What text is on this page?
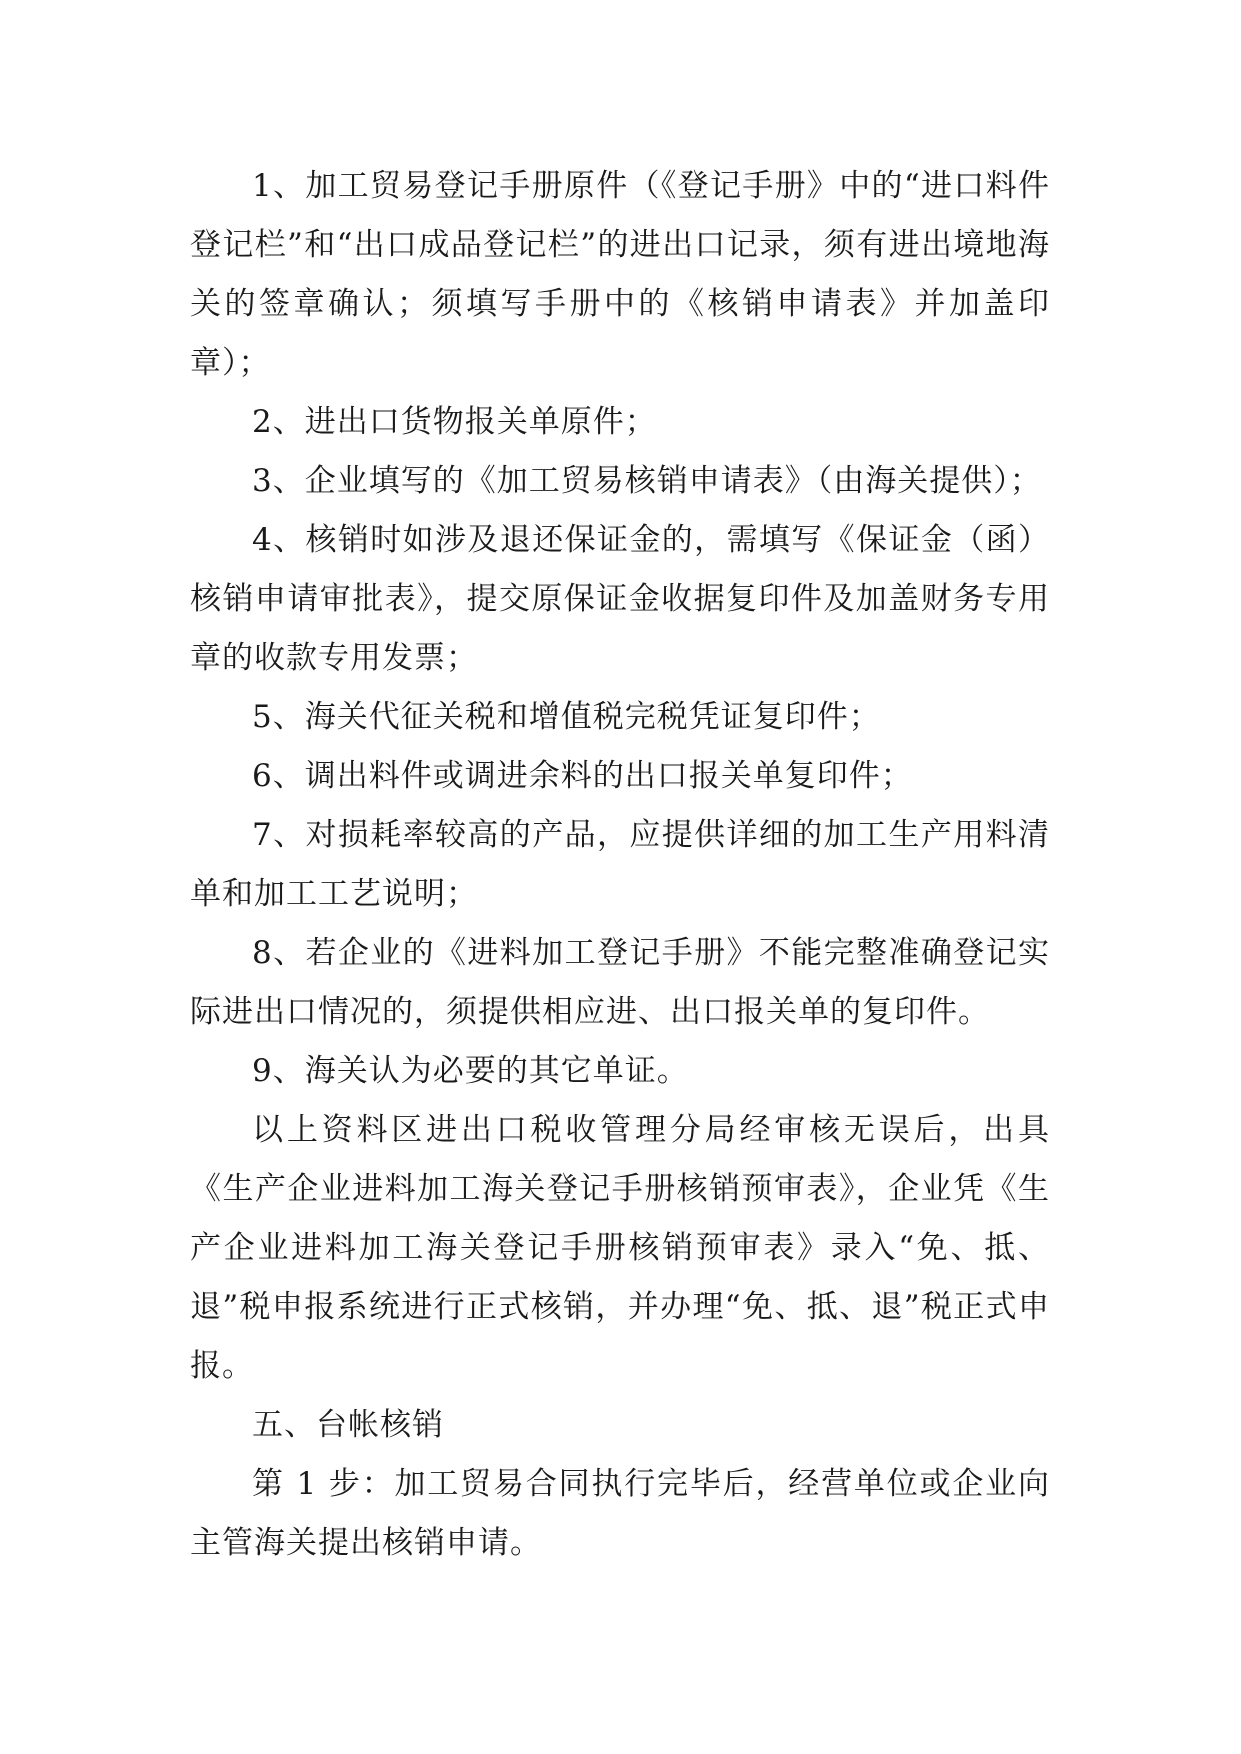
1、加工贸易登记手册原件（《登记手册》中的“进口料件登记栏”和“出口成品登记栏”的进出口记录，须有进出境地海关的签章确认；须填写手册中的《核销申请表》并加盖印章）；

2、进出口货物报关单原件；

3、企业填写的《加工贸易核销申请表》（由海关提供）；

4、核销时如涉及退还保证金的，需填写《保证金（函）核销申请审批表》，提交原保证金收据复印件及加盖财务专用章的收款专用发票；

5、海关代征关税和增值税完税凭证复印件；

6、调出料件或调进余料的出口报关单复印件；

7、对损耗率较高的产品，应提供详细的加工生产用料清单和加工工艺说明；

8、若企业的《进料加工登记手册》不能完整准确登记实际进出口情况的，须提供相应进、出口报关单的复印件。

9、海关认为必要的其它单证。

以上资料区进出口税收管理分局经审核无误后，出具《生产企业进料加工海关登记手册核销预审表》，企业凭《生产企业进料加工海关登记手册核销预审表》录入“免、抵、退”税申报系统进行正式核销，并办理“免、抵、退”税正式申报。

五、台帐核销

第 1 步：加工贸易合同执行完毕后，经营单位或企业向主管海关提出核销申请。
